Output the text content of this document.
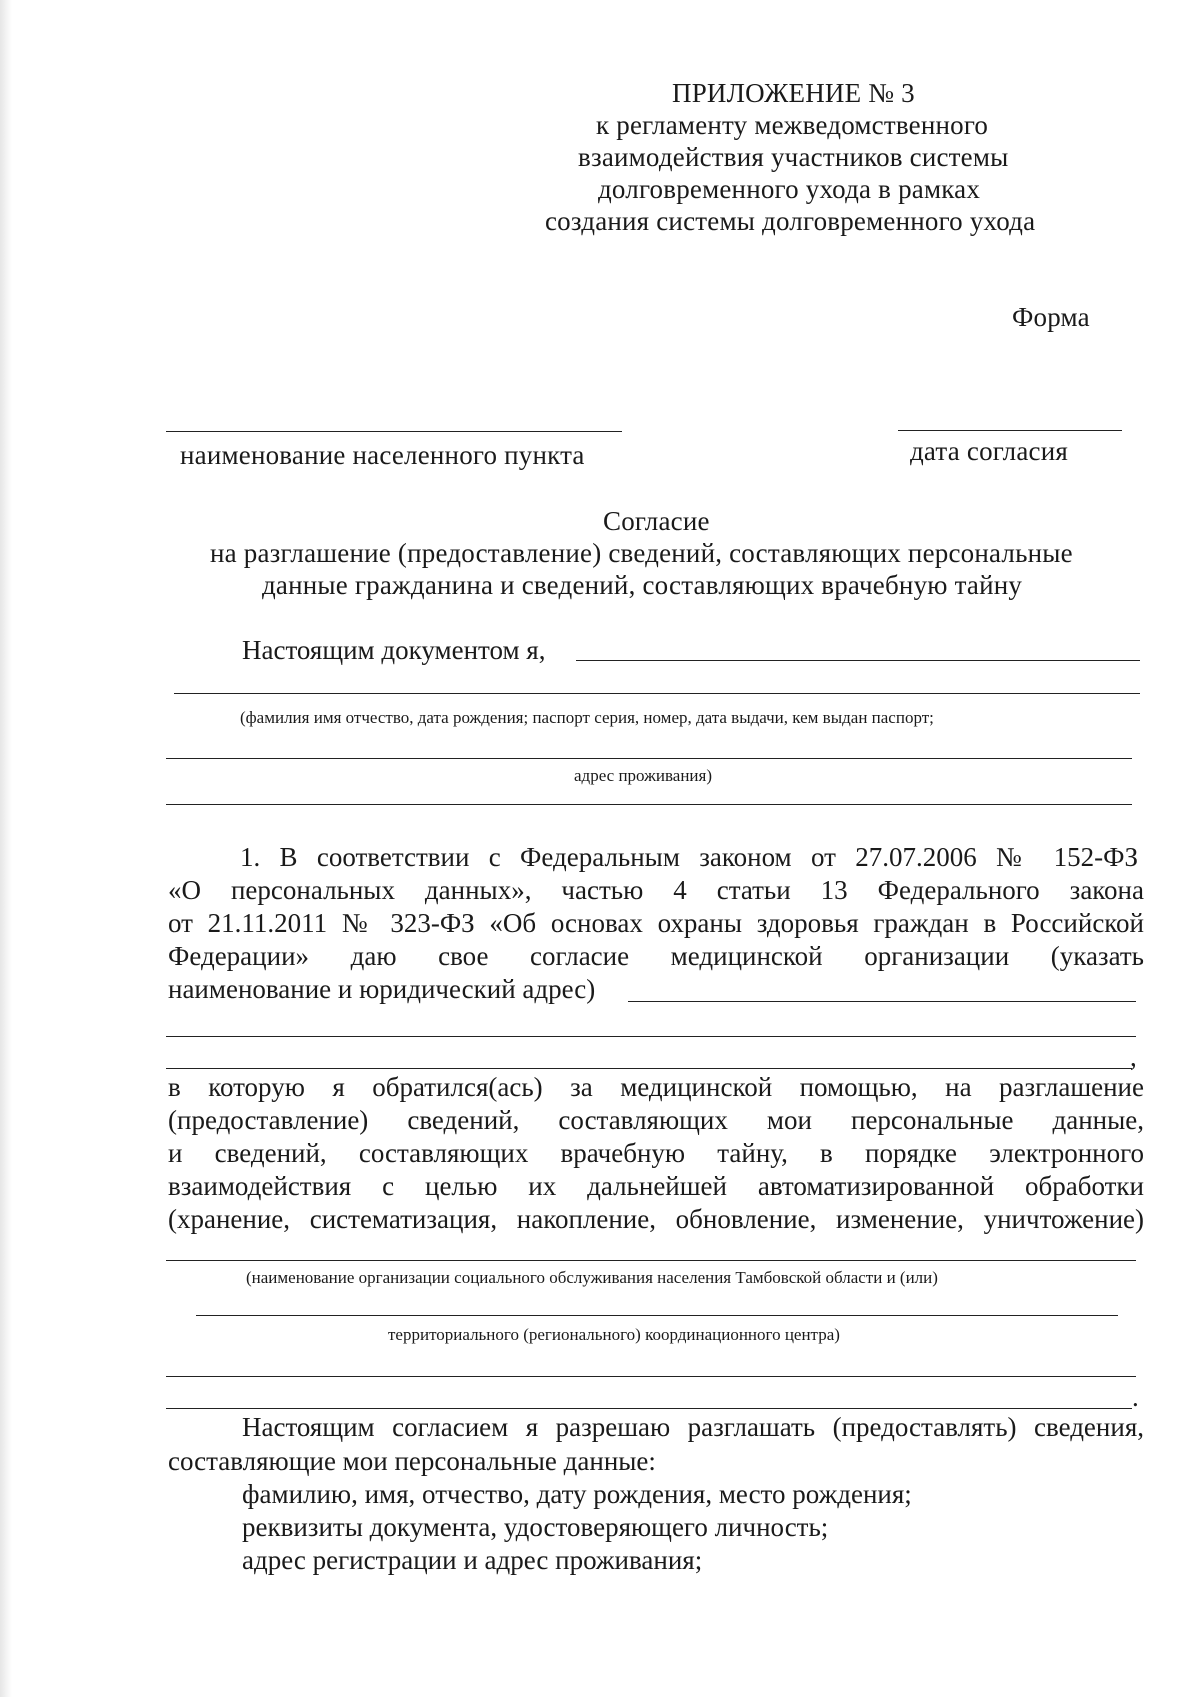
ПРИЛОЖЕНИЕ № 3
к регламенту межведомственного
взаимодействия участников системы
долговременного ухода в рамках
создания системы долговременного ухода
Форма
наименование населенного пункта	дата согласия
Согласие
на разглашение (предоставление) сведений, составляющих персональные
данные гражданина и сведений, составляющих врачебную тайну
Настоящим документом я,
(фамилия имя отчество, дата рождения; паспорт серия, номер, дата выдачи, кем выдан паспорт;
адрес проживания)
1. В соответствии с Федеральным законом от 27.07.2006 № 152-ФЗ
«О персональных данных», частью 4 статьи 13 Федерального закона
от 21.11.2011 № 323-ФЗ «Об основах охраны здоровья граждан в Российской
Федерации» даю свое согласие медицинской организации (указать
наименование и юридический адрес)
,
в которую я обратился(ась) за медицинской помощью, на разглашение
(предоставление) сведений, составляющих мои персональные данные,
и сведений, составляющих врачебную тайну, в порядке электронного
взаимодействия с целью их дальнейшей автоматизированной обработки
(хранение, систематизация, накопление, обновление, изменение, уничтожение)
(наименование организации социального обслуживания населения Тамбовской области и (или)
территориального (регионального) координационного центра)
.
Настоящим согласием я разрешаю разглашать (предоставлять) сведения,
составляющие мои персональные данные:
фамилию, имя, отчество, дату рождения, место рождения;
реквизиты документа, удостоверяющего личность;
адрес регистрации и адрес проживания;
